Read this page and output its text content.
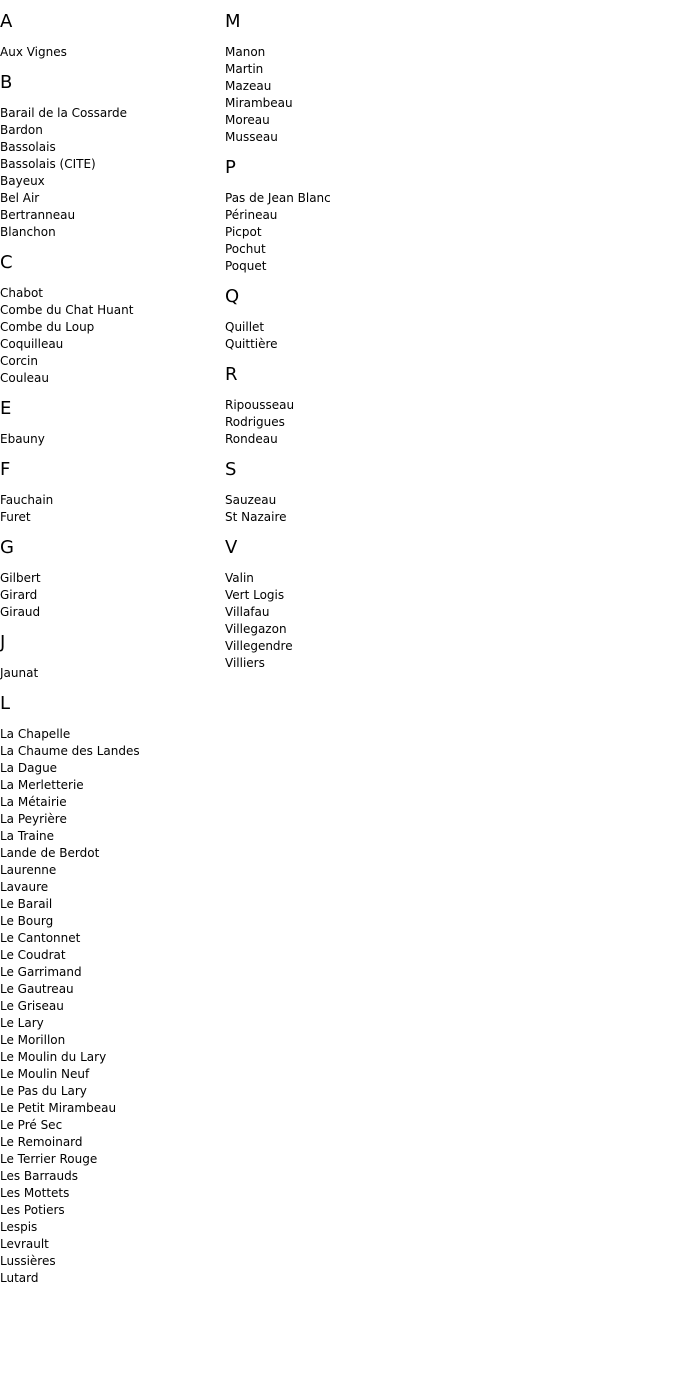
A
Aux Vignes
B
Barail de la Cossarde
Bardon
Bassolais
Bassolais (CITE)
Bayeux
Bel Air
Bertranneau
Blanchon
C
Chabot
Combe du Chat Huant
Combe du Loup
Coquilleau
Corcin
Couleau
E
Ebauny
F
Fauchain
Furet
G
Gilbert
Girard
Giraud
J
Jaunat
L
La Chapelle
La Chaume des Landes
La Dague
La Merletterie
La Métairie
La Peyrière
La Traine
Lande de Berdot
Laurenne
Lavaure
Le Barail
Le Bourg
Le Cantonnet
Le Coudrat
Le Garrimand
Le Gautreau
Le Griseau
Le Lary
Le Morillon
Le Moulin du Lary
Le Moulin Neuf
Le Pas du Lary
Le Petit Mirambeau
Le Pré Sec
Le Remoinard
Le Terrier Rouge
Les Barrauds
Les Mottets
Les Potiers
Lespis
Levrault
Lussières
Lutard
M
Manon
Martin
Mazeau
Mirambeau
Moreau
Musseau
P
Pas de Jean Blanc
Périneau
Picpot
Pochut
Poquet
Q
Quillet
Quittière
R
Ripousseau
Rodrigues
Rondeau
S
Sauzeau
St Nazaire
V
Valin
Vert Logis
Villafau
Villegazon
Villegendre
Villiers
